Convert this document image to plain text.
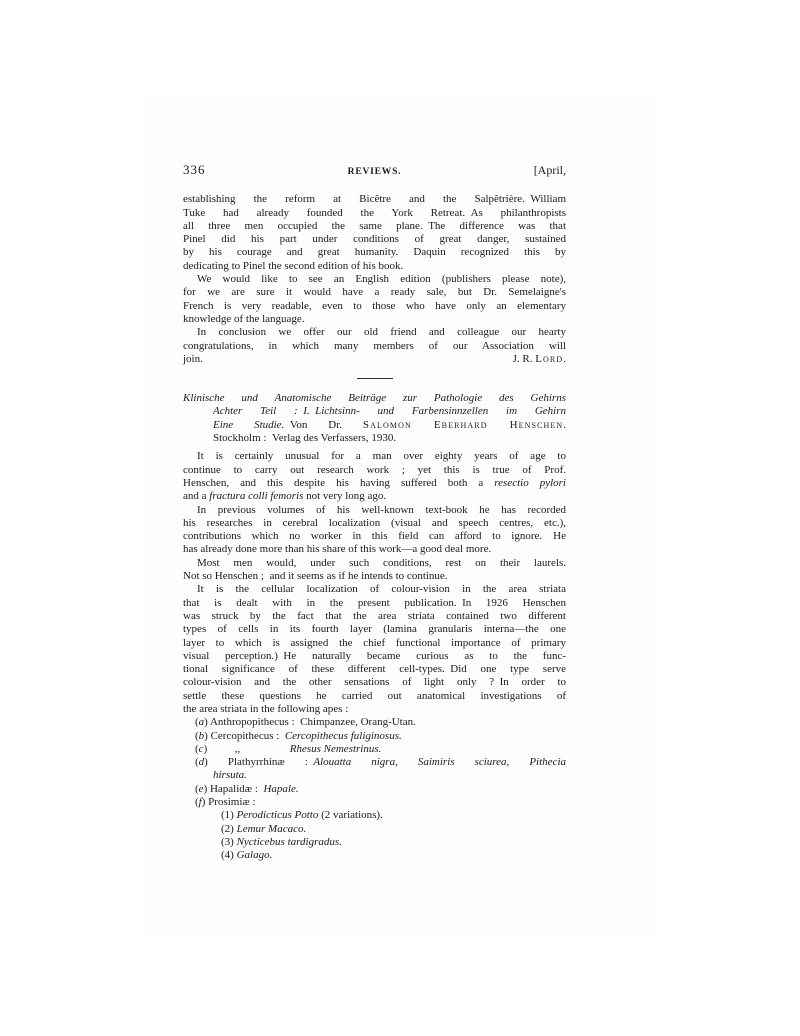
336	REVIEWS.	[April,
establishing the reform at Bicêtre and the Salpêtrière. William
Tuke had already founded the York Retreat. As philanthropists
all three men occupied the same plane. The difference was that
Pinel did his part under conditions of great danger, sustained
by his courage and great humanity. Daquin recognized this by
dedicating to Pinel the second edition of his book.
We would like to see an English edition (publishers please note),
for we are sure it would have a ready sale, but Dr. Semelaigne's
French is very readable, even to those who have only an elementary
knowledge of the language.
In conclusion we offer our old friend and colleague our hearty
congratulations, in which many members of our Association will
join.	J. R. Lord.
Klinische und Anatomische Beiträge zur Pathologie des Gehirns
Achter Teil : I. Lichtsinn- und Farbensinnzellen im Gehirn
Eine Studie. Von Dr. Salomon Eberhard Henschen.
Stockholm : Verlag des Verfassers, 1930.
It is certainly unusual for a man over eighty years of age to
continue to carry out research work ; yet this is true of Prof.
Henschen, and this despite his having suffered both a resectio pylori
and a fractura colli femoris not very long ago.
In previous volumes of his well-known text-book he has recorded
his researches in cerebral localization (visual and speech centres, etc.),
contributions which no worker in this field can afford to ignore.  He
has already done more than his share of this work—a good deal more.
Most men would, under such conditions, rest on their laurels.
Not so Henschen ; and it seems as if he intends to continue.
It is the cellular localization of colour-vision in the area striata
that is dealt with in the present publication. In 1926 Henschen
was struck by the fact that the area striata contained two different
types of cells in its fourth layer (lamina granularis interna—the one
layer to which is assigned the chief functional importance of primary
visual perception.) He naturally became curious as to the func-
tional significance of these different cell-types. Did one type serve
colour-vision and the other sensations of light only ? In order to
settle these questions he carried out anatomical investigations of
the area striata in the following apes :
(a) Anthropopithecus : Chimpanzee, Orang-Utan.
(b) Cercopithecus : Cercopithecus fuliginosus.
(c)   ,,     Rhesus Nemestrinus.
(d) Plathyrrhinæ : Alouatta nigra, Saimiris sciurea, Pithecia
hirsuta.
(e) Hapalidæ : Hapale.
(f) Prosimiæ :
(1) Perodicticus Potto (2 variations).
(2) Lemur Macaco.
(3) Nycticebus tardigradus.
(4) Galago.
